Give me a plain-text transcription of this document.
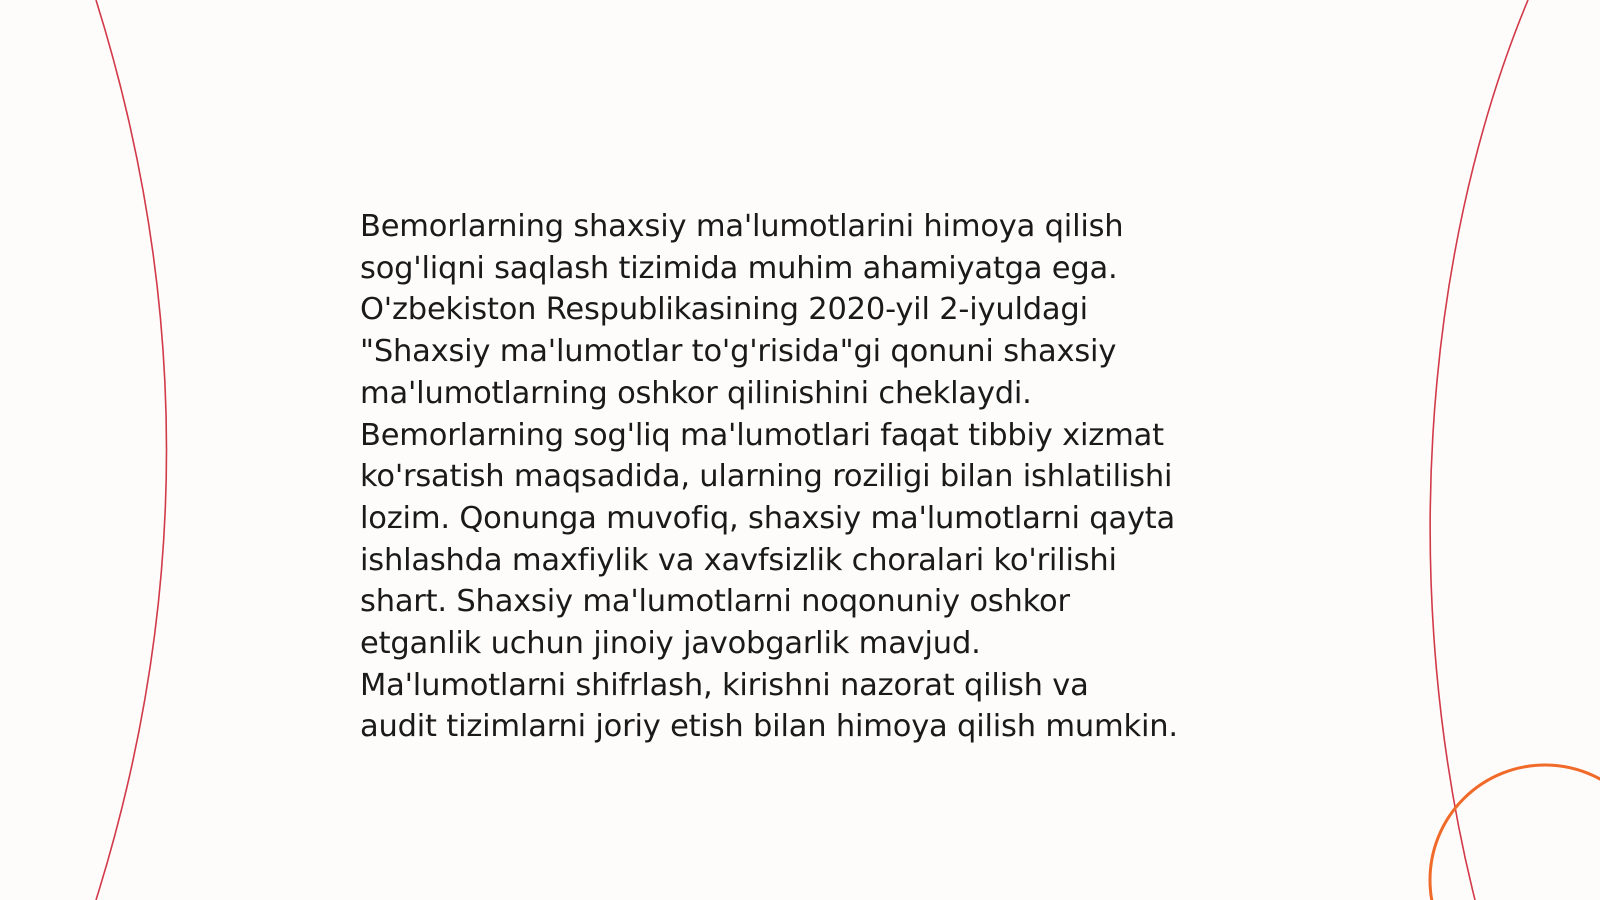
Bemorlarning shaxsiy ma'lumotlarini himoya qilish
sog'liqni saqlash tizimida muhim ahamiyatga ega.
O'zbekiston Respublikasining 2020-yil 2-iyuldagi
"Shaxsiy ma'lumotlar to'g'risida"gi qonuni shaxsiy
ma'lumotlarning oshkor qilinishini cheklaydi.
Bemorlarning sog'liq ma'lumotlari faqat tibbiy xizmat
ko'rsatish maqsadida, ularning roziligi bilan ishlatilishi
lozim. Qonunga muvofiq, shaxsiy ma'lumotlarni qayta
ishlashda maxfiylik va xavfsizlik choralari ko'rilishi
shart. Shaxsiy ma'lumotlarni noqonuniy oshkor
etganlik uchun jinoiy javobgarlik mavjud.
Ma'lumotlarni shifrlash, kirishni nazorat qilish va
audit tizimlarni joriy etish bilan himoya qilish mumkin.
